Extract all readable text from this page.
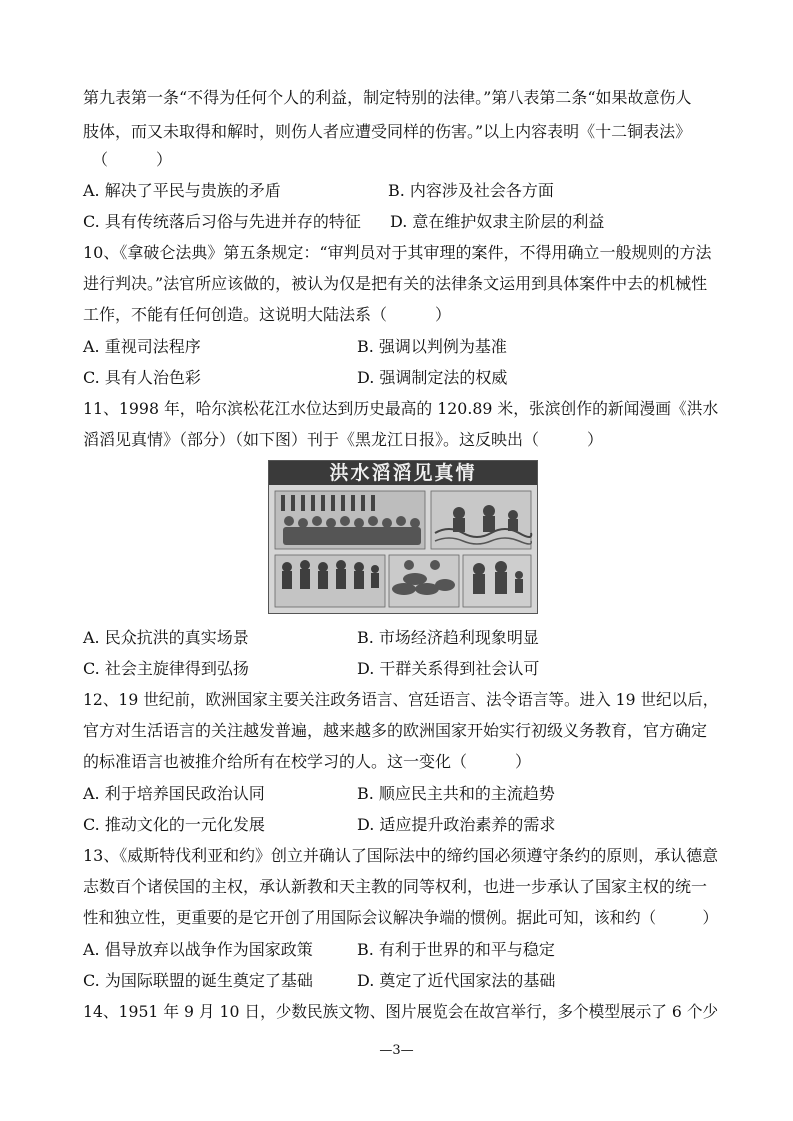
第九表第一条“不得为任何个人的利益，制定特别的法律。”第八表第二条“如果故意伤人
肢体，而又未取得和解时，则伤人者应遭受同样的伤害。”以上内容表明《十二铜表法》
（　　　）
A. 解决了平民与贵族的矛盾	B. 内容涉及社会各方面
C. 具有传统落后习俗与先进并存的特征 D. 意在维护奴隶主阶层的利益
10、《拿破仑法典》第五条规定：“审判员对于其审理的案件，不得用确立一般规则的方法
进行判决。”法官所应该做的，被认为仅是把有关的法律条文运用到具体案件中去的机械性
工作，不能有任何创造。这说明大陆法系（　　　）
A. 重视司法程序	B. 强调以判例为基准
C. 具有人治色彩	D. 强调制定法的权威
11、1998 年，哈尔滨松花江水位达到历史最高的 120.89 米，张滨创作的新闻漫画《洪水
滔滔见真情》（部分）（如下图）刊于《黑龙江日报》。这反映出（　　　）
洪水滔滔见真情
A. 民众抗洪的真实场景	B. 市场经济趋利现象明显
C. 社会主旋律得到弘扬	D. 干群关系得到社会认可
12、19 世纪前，欧洲国家主要关注政务语言、宫廷语言、法令语言等。进入 19 世纪以后，
官方对生活语言的关注越发普遍，越来越多的欧洲国家开始实行初级义务教育，官方确定
的标准语言也被推介给所有在校学习的人。这一变化（　　　）
A. 利于培养国民政治认同	B. 顺应民主共和的主流趋势
C. 推动文化的一元化发展	D. 适应提升政治素养的需求
13、《威斯特伐利亚和约》创立并确认了国际法中的缔约国必须遵守条约的原则，承认德意
志数百个诸侯国的主权，承认新教和天主教的同等权利，也进一步承认了国家主权的统一
性和独立性，更重要的是它开创了用国际会议解决争端的惯例。据此可知，该和约（　　　）
A. 倡导放弃以战争作为国家政策	B. 有利于世界的和平与稳定
C. 为国际联盟的诞生奠定了基础	D. 奠定了近代国家法的基础
14、1951 年 9 月 10 日，少数民族文物、图片展览会在故宫举行，多个模型展示了 6 个少
—3—
